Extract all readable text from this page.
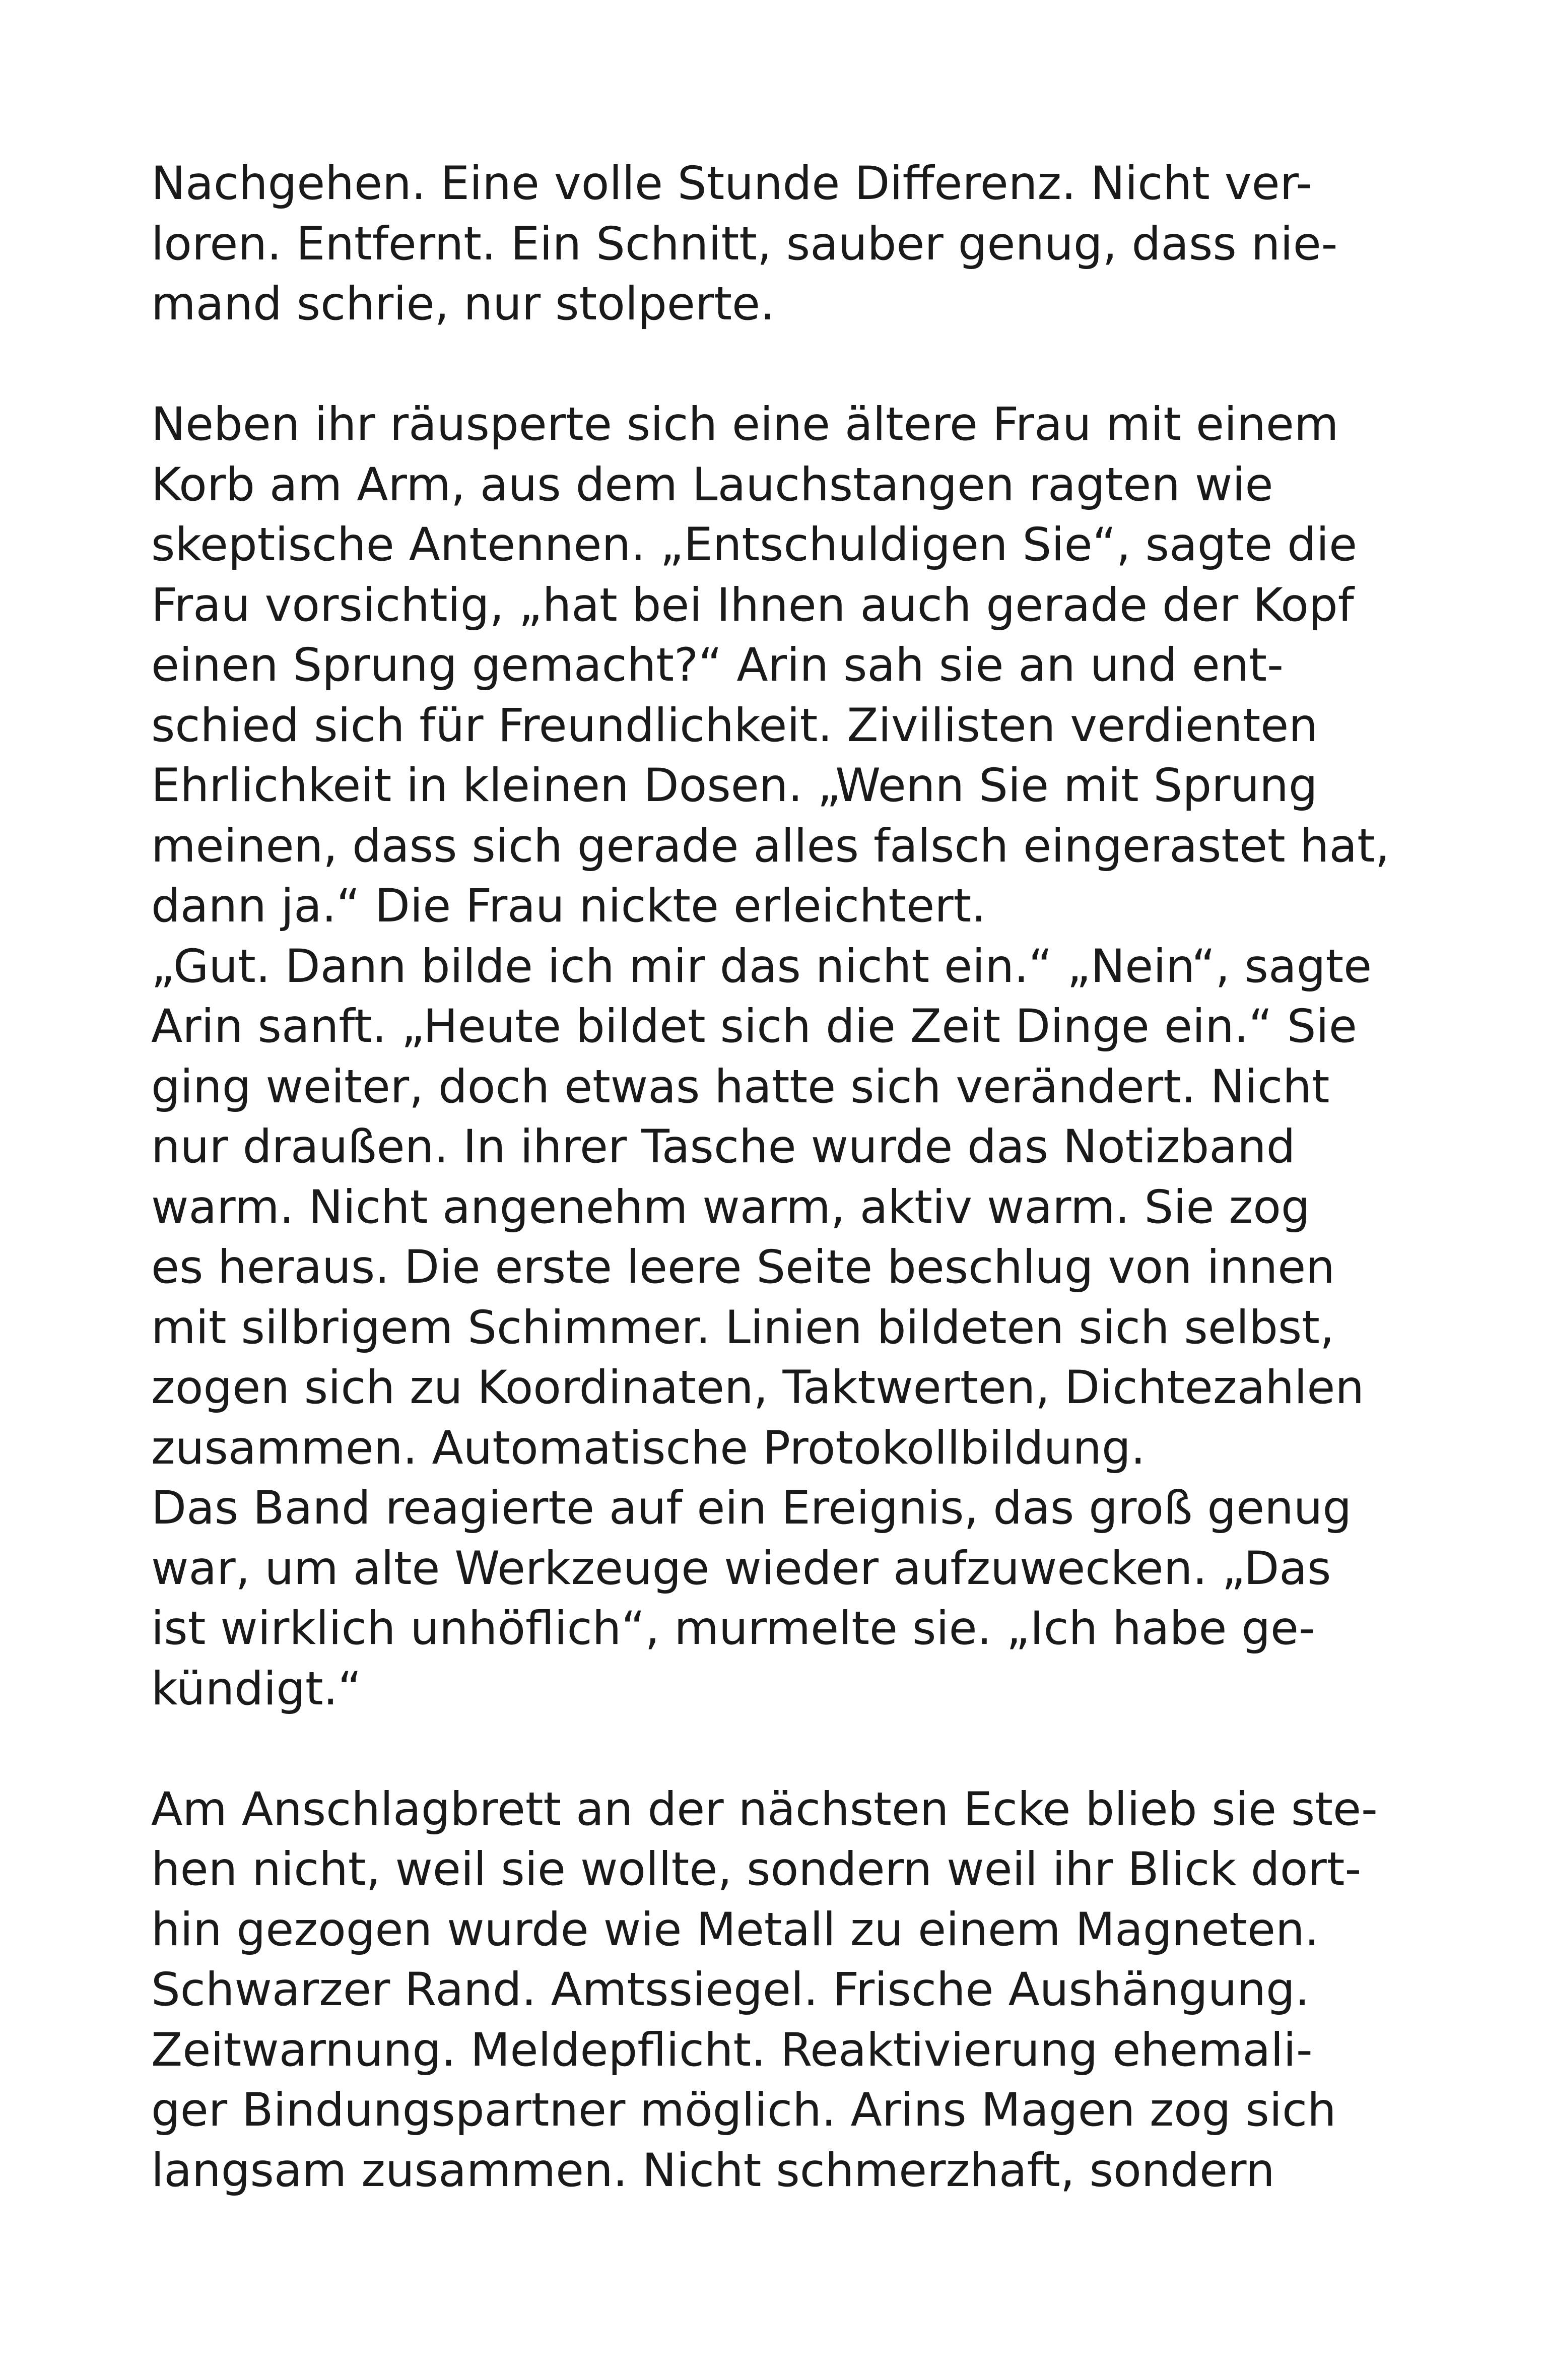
Nachgehen. Eine volle Stunde Differenz. Nicht ver-
loren. Entfernt. Ein Schnitt, sauber genug, dass nie-
mand schrie, nur stolperte.
Neben ihr räusperte sich eine ältere Frau mit einem
Korb am Arm, aus dem Lauchstangen ragten wie
skeptische Antennen. „Entschuldigen Sie“, sagte die
Frau vorsichtig, „hat bei Ihnen auch gerade der Kopf
einen Sprung gemacht?“ Arin sah sie an und ent-
schied sich für Freundlichkeit. Zivilisten verdienten
Ehrlichkeit in kleinen Dosen. „Wenn Sie mit Sprung
meinen, dass sich gerade alles falsch eingerastet hat,
dann ja.“ Die Frau nickte erleichtert.
„Gut. Dann bilde ich mir das nicht ein.“ „Nein“, sagte
Arin sanft. „Heute bildet sich die Zeit Dinge ein.“ Sie
ging weiter, doch etwas hatte sich verändert. Nicht
nur draußen. In ihrer Tasche wurde das Notizband
warm. Nicht angenehm warm, aktiv warm. Sie zog
es heraus. Die erste leere Seite beschlug von innen
mit silbrigem Schimmer. Linien bildeten sich selbst,
zogen sich zu Koordinaten, Taktwerten, Dichtezahlen
zusammen. Automatische Protokollbildung.
Das Band reagierte auf ein Ereignis, das groß genug
war, um alte Werkzeuge wieder aufzuwecken. „Das
ist wirklich unhöflich“, murmelte sie. „Ich habe ge-
kündigt.“
Am Anschlagbrett an der nächsten Ecke blieb sie ste-
hen nicht, weil sie wollte, sondern weil ihr Blick dort-
hin gezogen wurde wie Metall zu einem Magneten.
Schwarzer Rand. Amtssiegel. Frische Aushängung.
Zeitwarnung. Meldepflicht. Reaktivierung ehemali-
ger Bindungspartner möglich. Arins Magen zog sich
langsam zusammen. Nicht schmerzhaft, sondern
